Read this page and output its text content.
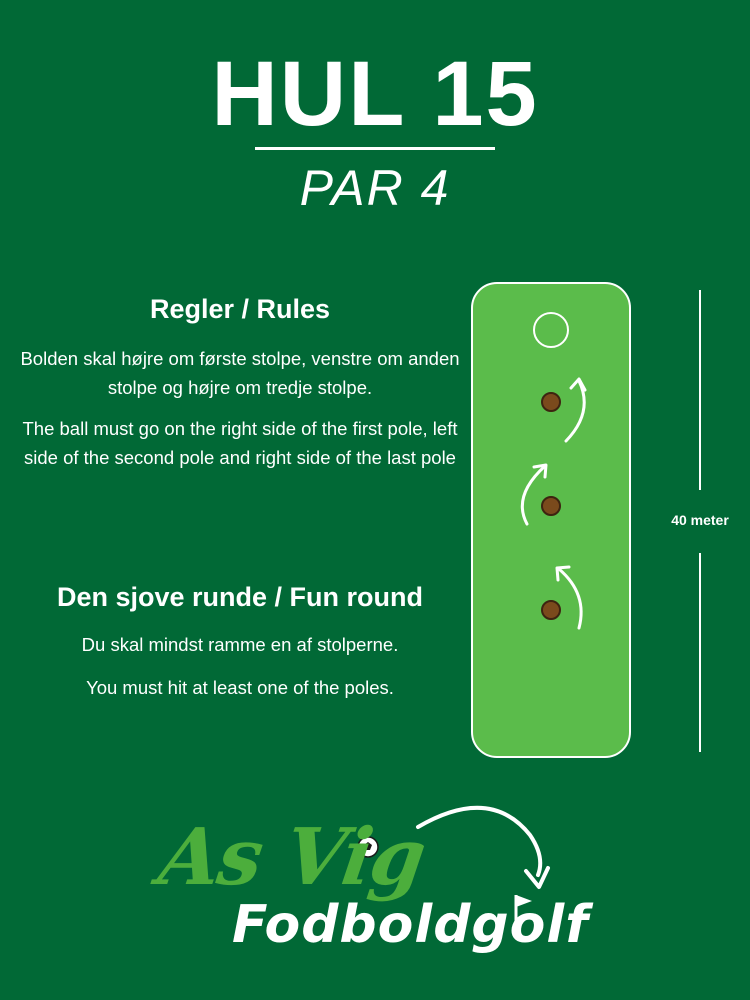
HUL 15
PAR 4
Regler / Rules

Bolden skal højre om første stolpe, venstre om anden stolpe og højre om tredje stolpe.

The ball must go on the right side of the first pole, left side of the second pole and right side of the last pole

Den sjove runde / Fun round

Du skal mindst ramme en af stolperne.

You must hit at least one of the poles.

40 meter
As Vig
Fodboldgolf
